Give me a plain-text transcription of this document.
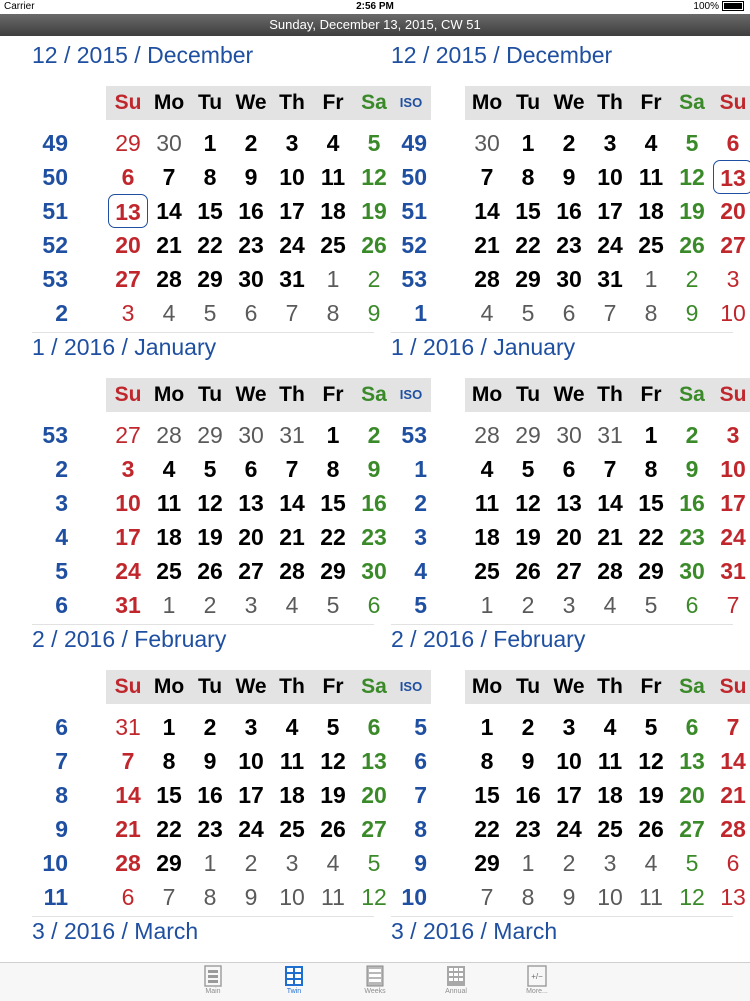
Carrier	2:56 PM	100%
Sunday, December 13, 2015, CW 51
12 / 2015 / December
Su Mo Tu We Th Fr Sa
49	29 30 1	2	3	4	5
50	6	7	8	9 10 11 12
51	13 14 15 16 17 18 19
52	20 21 22 23 24 25 26
53	27 28 29 30 31 1	2
2	3	4	5	6	7	8	9
1 / 2016 / January
Su Mo Tu We Th Fr Sa
53	27 28 29 30 31 1	2
2	3	4	5	6	7	8	9
3	10 11 12 13 14 15 16
4	17 18 19 20 21 22 23
5	24 25 26 27 28 29 30
6	31 1	2	3	4	5	6
2 / 2016 / February
Su Mo Tu We Th Fr Sa
6	31 1	2	3	4	5	6
7	7	8	9 10 11 12 13
8	14 15 16 17 18 19 20
9	21 22 23 24 25 26 27
10	28 29 1	2	3	4	5
11	6	7	8	9 10 11 12
3 / 2016 / March
12 / 2015 / December
ISO	Mo Tu We Th Fr Sa Su
49	30 1	2	3	4	5	6
50	7	8	9 10 11 12 13
51	14 15 16 17 18 19 20
52	21 22 23 24 25 26 27
53	28 29 30 31 1	2	3
1	4	5	6	7	8	9 10
1 / 2016 / January
ISO	Mo Tu We Th Fr Sa Su
53	28 29 30 31 1	2	3
1	4	5	6	7	8	9 10
2	11 12 13 14 15 16 17
3	18 19 20 21 22 23 24
4	25 26 27 28 29 30 31
5	1	2	3	4	5	6	7
2 / 2016 / February
ISO	Mo Tu We Th Fr Sa Su
5	1	2	3	4	5	6	7
6	8	9 10 11 12 13 14
7	15 16 17 18 19 20 21
8	22 23 24 25 26 27 28
9	29 1	2	3	4	5	6
10	7	8	9 10 11 12 13
3 / 2016 / March
Main	Twin	Weeks	Annual
+/−
More...
